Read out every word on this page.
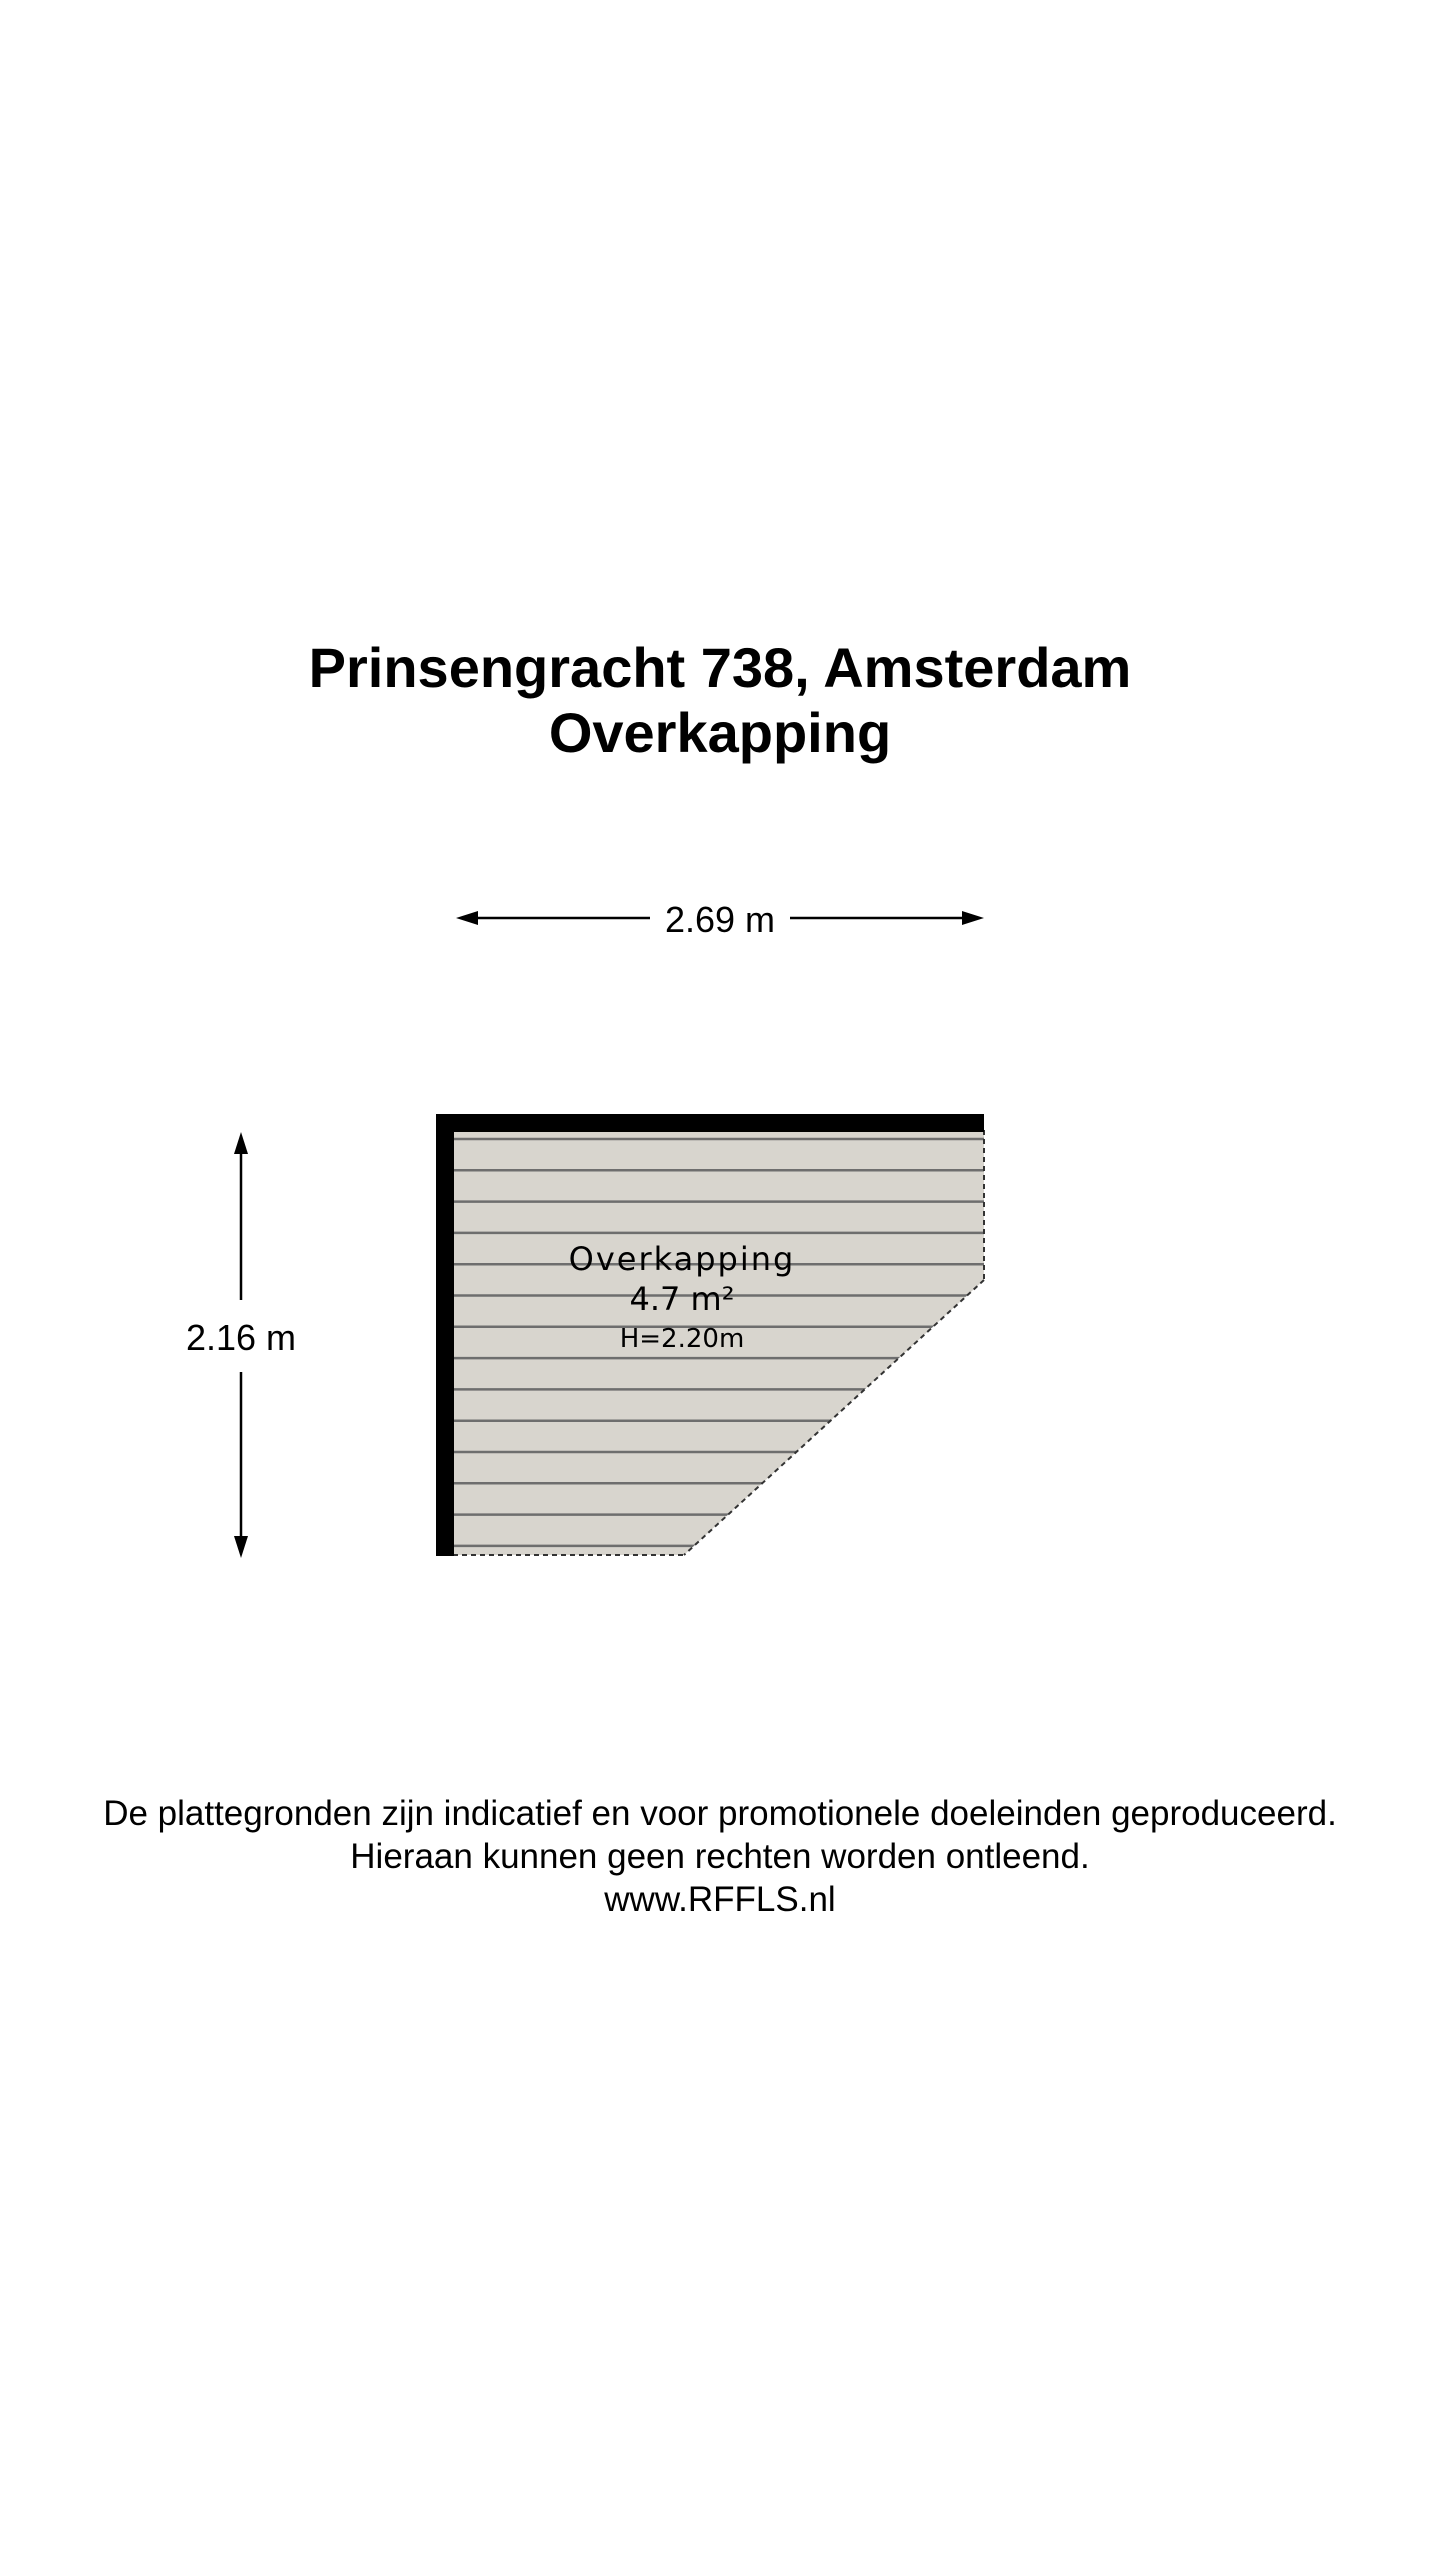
Prinsengracht 738, Amsterdam
Overkapping
2.69 m
2.16 m
Overkapping
4.7 m²
H=2.20m
De plattegronden zijn indicatief en voor promotionele doeleinden geproduceerd.
Hieraan kunnen geen rechten worden ontleend.
www.RFFLS.nl
